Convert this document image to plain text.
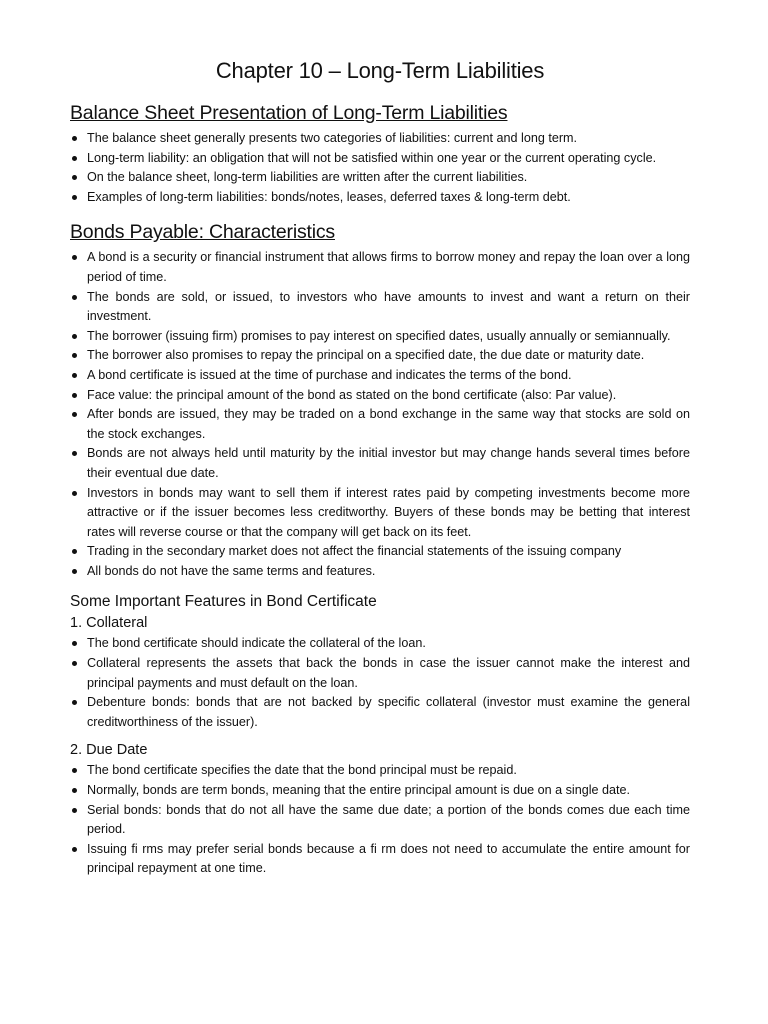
Chapter 10 – Long-Term Liabilities
Balance Sheet Presentation of Long-Term Liabilities
The balance sheet generally presents two categories of liabilities: current and long term.
Long-term liability: an obligation that will not be satisfied within one year or the current operating cycle.
On the balance sheet, long-term liabilities are written after the current liabilities.
Examples of long-term liabilities: bonds/notes, leases, deferred taxes & long-term debt.
Bonds Payable: Characteristics
A bond is a security or financial instrument that allows firms to borrow money and repay the loan over a long period of time.
The bonds are sold, or issued, to investors who have amounts to invest and want a return on their investment.
The borrower (issuing firm) promises to pay interest on specified dates, usually annually or semiannually.
The borrower also promises to repay the principal on a specified date, the due date or maturity date.
A bond certificate is issued at the time of purchase and indicates the terms of the bond.
Face value: the principal amount of the bond as stated on the bond certificate (also: Par value).
After bonds are issued, they may be traded on a bond exchange in the same way that stocks are sold on the stock exchanges.
Bonds are not always held until maturity by the initial investor but may change hands several times before their eventual due date.
Investors in bonds may want to sell them if interest rates paid by competing investments become more attractive or if the issuer becomes less creditworthy. Buyers of these bonds may be betting that interest rates will reverse course or that the company will get back on its feet.
Trading in the secondary market does not affect the financial statements of the issuing company
All bonds do not have the same terms and features.
Some Important Features in Bond Certificate
1. Collateral
The bond certificate should indicate the collateral of the loan.
Collateral represents the assets that back the bonds in case the issuer cannot make the interest and principal payments and must default on the loan.
Debenture bonds: bonds that are not backed by specific collateral (investor must examine the general creditworthiness of the issuer).
2. Due Date
The bond certificate specifies the date that the bond principal must be repaid.
Normally, bonds are term bonds, meaning that the entire principal amount is due on a single date.
Serial bonds: bonds that do not all have the same due date; a portion of the bonds comes due each time period.
Issuing fi rms may prefer serial bonds because a fi rm does not need to accumulate the entire amount for principal repayment at one time.
